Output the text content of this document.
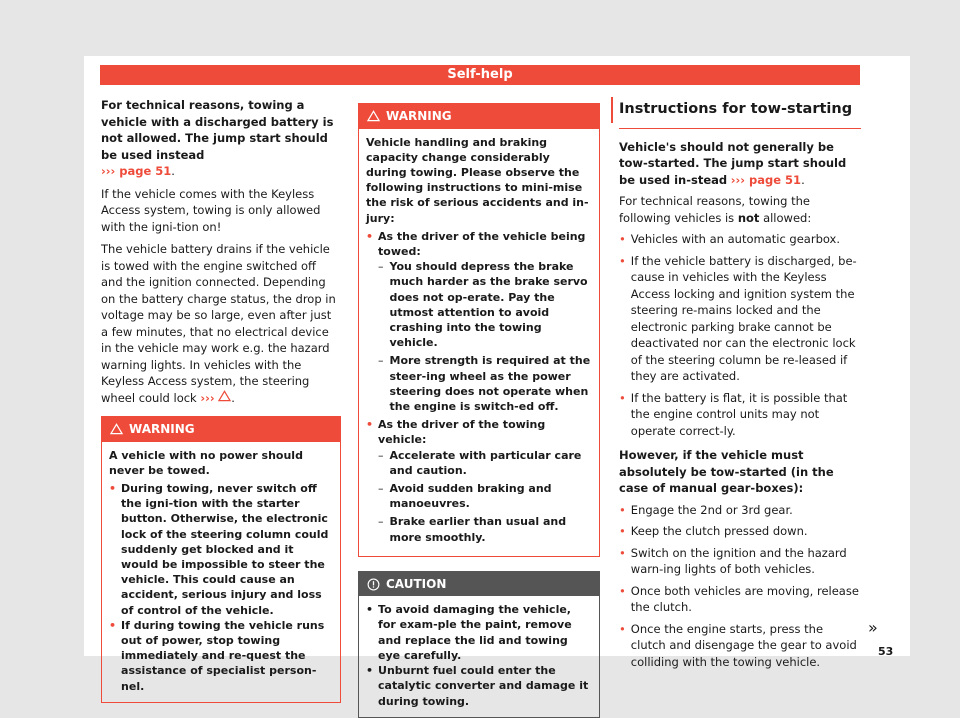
Self-help

For technical reasons, towing a vehicle with a discharged battery is not allowed. The jump start should be used instead
››› page 51.

If the vehicle comes with the Keyless Access system, towing is only allowed with the igni-tion on!

The vehicle battery drains if the vehicle is towed with the engine switched off and the ignition connected. Depending on the battery charge status, the drop in voltage may be so large, even after just a few minutes, that no electrical device in the vehicle may work e.g. the hazard warning lights. In vehicles with the Keyless Access system, the steering wheel could lock ››› .

WARNING

A vehicle with no power should never be towed.

• During towing, never switch off the igni-tion with the starter button. Otherwise, the electronic lock of the steering column could suddenly get blocked and it would be impossible to steer the vehicle. This could cause an accident, serious injury and loss of control of the vehicle.
• If during towing the vehicle runs out of power, stop towing immediately and re-quest the assistance of specialist person-nel.
WARNING

Vehicle handling and braking capacity change considerably during towing. Please observe the following instructions to mini-mise the risk of serious accidents and in-jury:

• As the driver of the vehicle being towed:
– You should depress the brake much harder as the brake servo does not op-erate. Pay the utmost attention to avoid crashing into the towing vehicle.
– More strength is required at the steer-ing wheel as the power steering does not operate when the engine is switch-ed off.
• As the driver of the towing vehicle:
– Accelerate with particular care and caution.
– Avoid sudden braking and manoeuvres.
– Brake earlier than usual and more smoothly.
CAUTION
• To avoid damaging the vehicle, for exam-ple the paint, remove and replace the lid and towing eye carefully.
• Unburnt fuel could enter the catalytic converter and damage it during towing.
Instructions for tow-starting

Vehicle's should not generally be tow-started. The jump start should be used in-stead ››› page 51.

For technical reasons, towing the following vehicles is not allowed:

• Vehicles with an automatic gearbox.
• If the vehicle battery is discharged, be-cause in vehicles with the Keyless Access locking and ignition system the steering re-mains locked and the electronic parking brake cannot be deactivated nor can the electronic lock of the steering column be re-leased if they are activated.
• If the battery is flat, it is possible that the engine control units may not operate correct-ly.

However, if the vehicle must absolutely be tow-started (in the case of manual gear-boxes):

• Engage the 2nd or 3rd gear.
• Keep the clutch pressed down.
• Switch on the ignition and the hazard warn-ing lights of both vehicles.
• Once both vehicles are moving, release the clutch.
• Once the engine starts, press the clutch and disengage the gear to avoid colliding with the towing vehicle.
»
53
